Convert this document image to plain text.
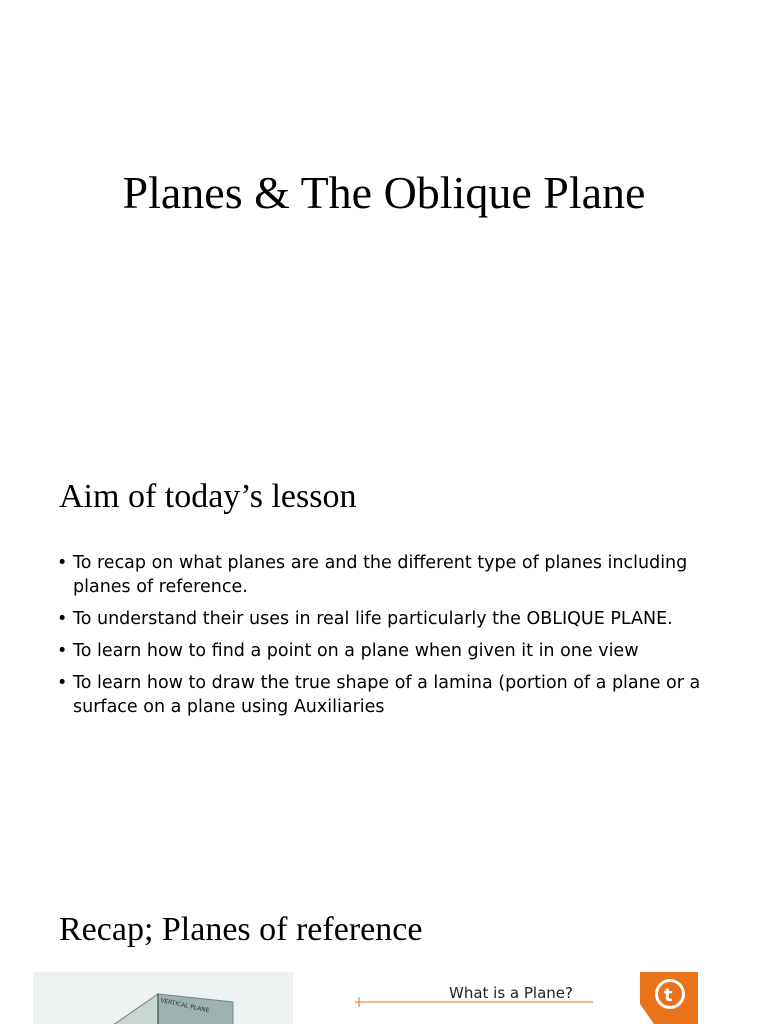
Planes & The Oblique Plane
Aim of today’s lesson
• To recap on what planes are and the different type of planes including planes of reference.
• To understand their uses in real life particularly the OBLIQUE PLANE.
• To learn how to find a point on a plane when given it in one view
• To learn how to draw the true shape of a lamina (portion of a plane or a surface on a plane using Auxiliaries
Recap; Planes of reference
VERTICAL PLANE
What is a Plane?	t
